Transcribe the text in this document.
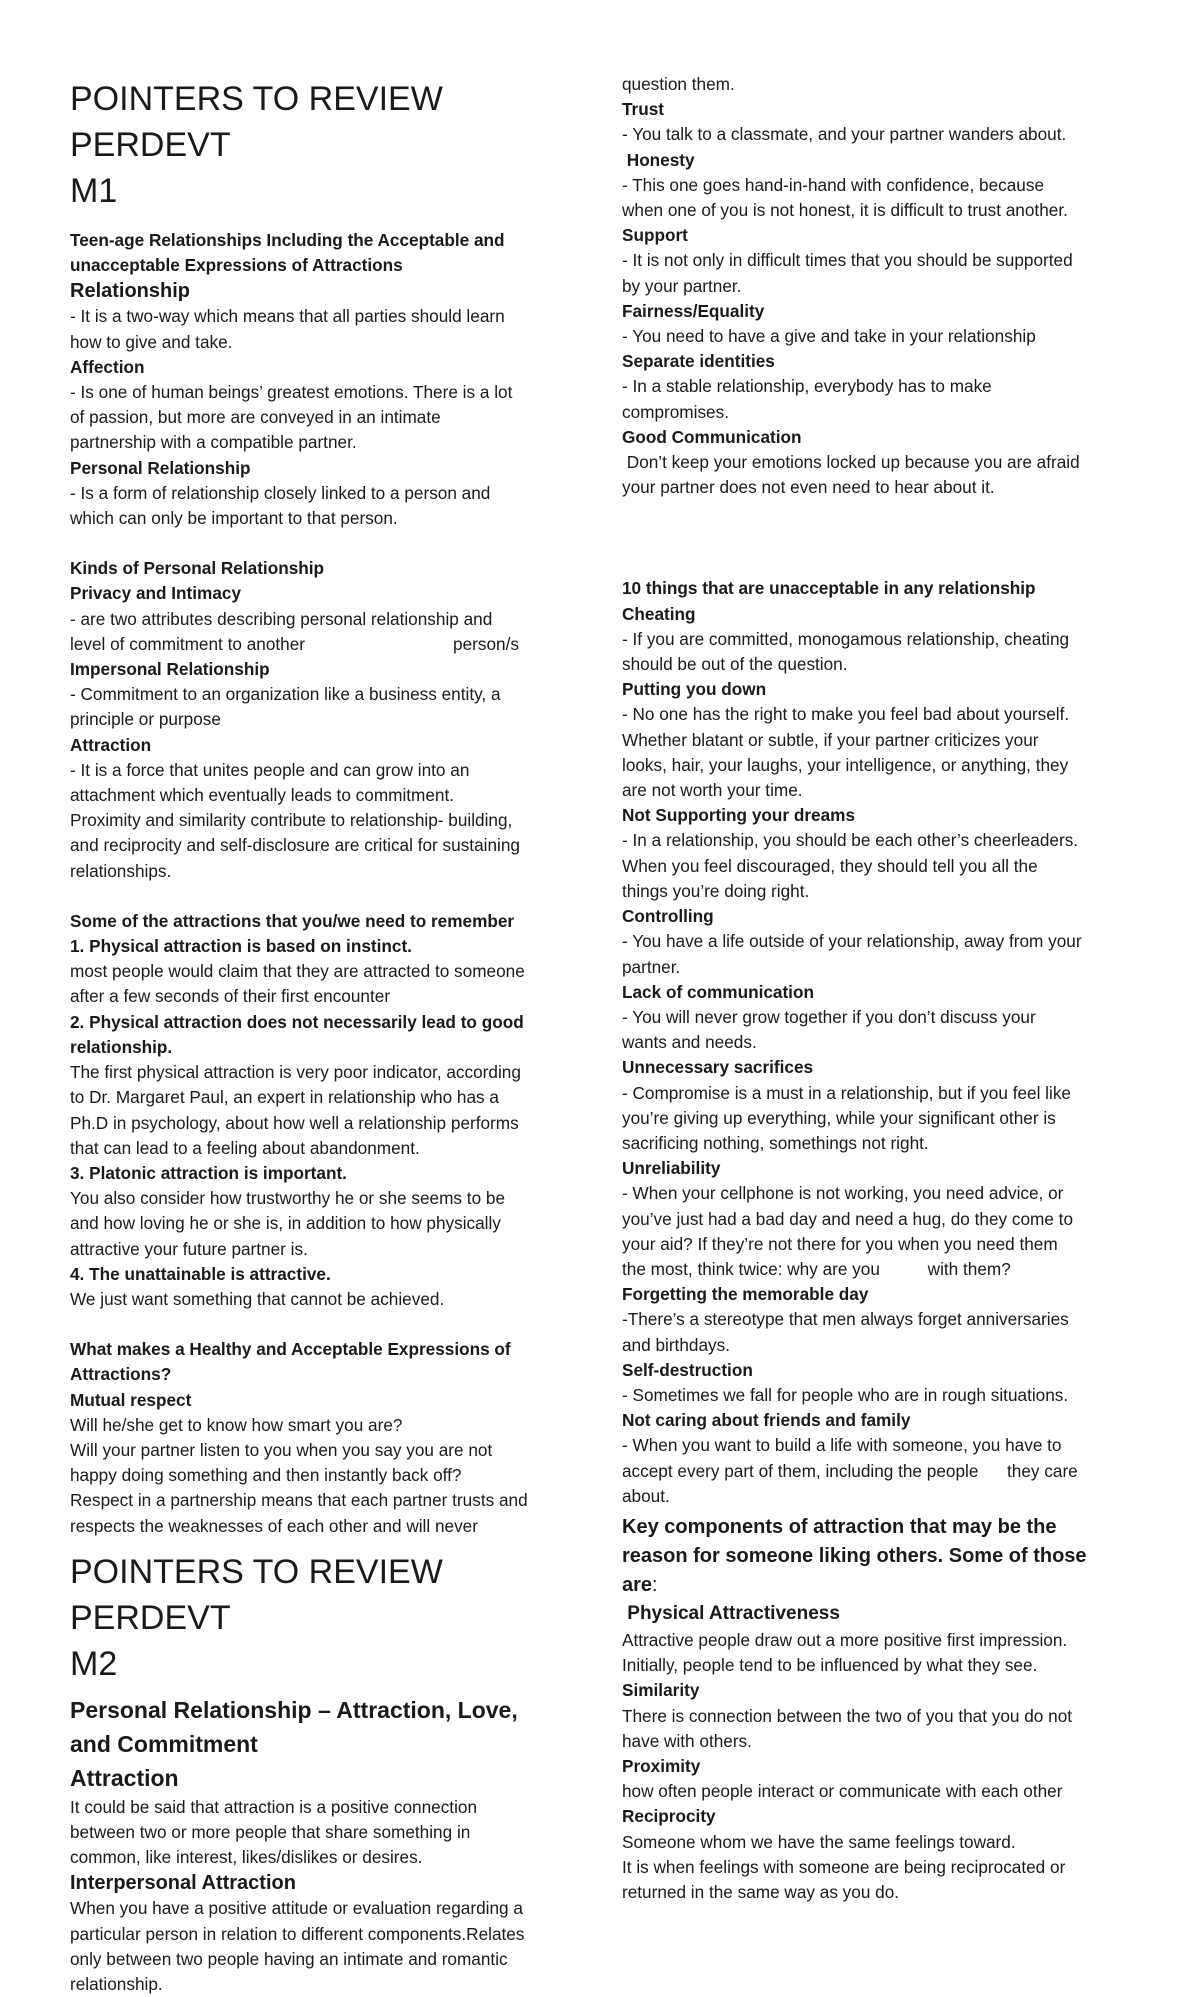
POINTERS TO REVIEW PERDEVT
M1

Teen-age Relationships Including the Acceptable and
unacceptable Expressions of Attractions

Relationship

- It is a two-way which means that all parties should learn
how to give and take.

Affection

- Is one of human beings’ greatest emotions. There is a lot
of passion, but more are conveyed in an intimate
partnership with a compatible partner.

Personal Relationship

- Is a form of relationship closely linked to a person and
which can only be important to that person.

Kinds of Personal Relationship

Privacy and Intimacy

- are two attributes describing personal relationship and
level of commitment to another	person/s

Impersonal Relationship

- Commitment to an organization like a business entity, a
principle or purpose

Attraction

- It is a force that unites people and can grow into an
attachment which eventually leads to commitment.
Proximity and similarity contribute to relationship- building,
and reciprocity and self-disclosure are critical for sustaining
relationships.

Some of the attractions that you/we need to remember

1. Physical attraction is based on instinct.

most people would claim that they are attracted to someone
after a few seconds of their first encounter

2. Physical attraction does not necessarily lead to good
relationship.

The first physical attraction is very poor indicator, according
to Dr. Margaret Paul, an expert in relationship who has a
Ph.D in psychology, about how well a relationship performs
that can lead to a feeling about abandonment.

3. Platonic attraction is important.

You also consider how trustworthy he or she seems to be
and how loving he or she is, in addition to how physically
attractive your future partner is.

4. The unattainable is attractive.

We just want something that cannot be achieved.

What makes a Healthy and Acceptable Expressions of
Attractions?

Mutual respect

Will he/she get to know how smart you are?
Will your partner listen to you when you say you are not
happy doing something and then instantly back off?
Respect in a partnership means that each partner trusts and
respects the weaknesses of each other and will never

POINTERS TO REVIEW PERDEVT
M2

Personal Relationship – Attraction, Love,
and Commitment

Attraction

It could be said that attraction is a positive connection
between two or more people that share something in
common, like interest, likes/dislikes or desires.

Interpersonal Attraction

When you have a positive attitude or evaluation regarding a
particular person in relation to different components.Relates
only between two people having an intimate and romantic
relationship.

question them.

Trust

- You talk to a classmate, and your partner wanders about.

Honesty

- This one goes hand-in-hand with confidence, because
when one of you is not honest, it is difficult to trust another.

Support

- It is not only in difficult times that you should be supported
by your partner.

Fairness/Equality

- You need to have a give and take in your relationship

Separate identities

- In a stable relationship, everybody has to make
compromises.

Good Communication

Don’t keep your emotions locked up because you are afraid
your partner does not even need to hear about it.

10 things that are unacceptable in any relationship

Cheating

- If you are committed, monogamous relationship, cheating
should be out of the question.

Putting you down

- No one has the right to make you feel bad about yourself.
Whether blatant or subtle, if your partner criticizes your
looks, hair, your laughs, your intelligence, or anything, they
are not worth your time.

Not Supporting your dreams

- In a relationship, you should be each other’s cheerleaders.
When you feel discouraged, they should tell you all the
things you’re doing right.

Controlling

- You have a life outside of your relationship, away from your
partner.

Lack of communication

- You will never grow together if you don’t discuss your
wants and needs.

Unnecessary sacrifices

- Compromise is a must in a relationship, but if you feel like
you’re giving up everything, while your significant other is
sacrificing nothing, somethings not right.

Unreliability

- When your cellphone is not working, you need advice, or
you’ve just had a bad day and need a hug, do they come to
your aid? If they’re not there for you when you need them
the most, think twice: why are you          with them?

Forgetting the memorable day

-There’s a stereotype that men always forget anniversaries
and birthdays.

Self-destruction

- Sometimes we fall for people who are in rough situations.

Not caring about friends and family

- When you want to build a life with someone, you have to
accept every part of them, including the people      they care
about.

Key components of attraction that may be the
reason for someone liking others. Some of those
are:

Physical Attractiveness

Attractive people draw out a more positive first impression.
Initially, people tend to be influenced by what they see.

Similarity

There is connection between the two of you that you do not
have with others.

Proximity

how often people interact or communicate with each other

Reciprocity

Someone whom we have the same feelings toward.
It is when feelings with someone are being reciprocated or
returned in the same way as you do.
